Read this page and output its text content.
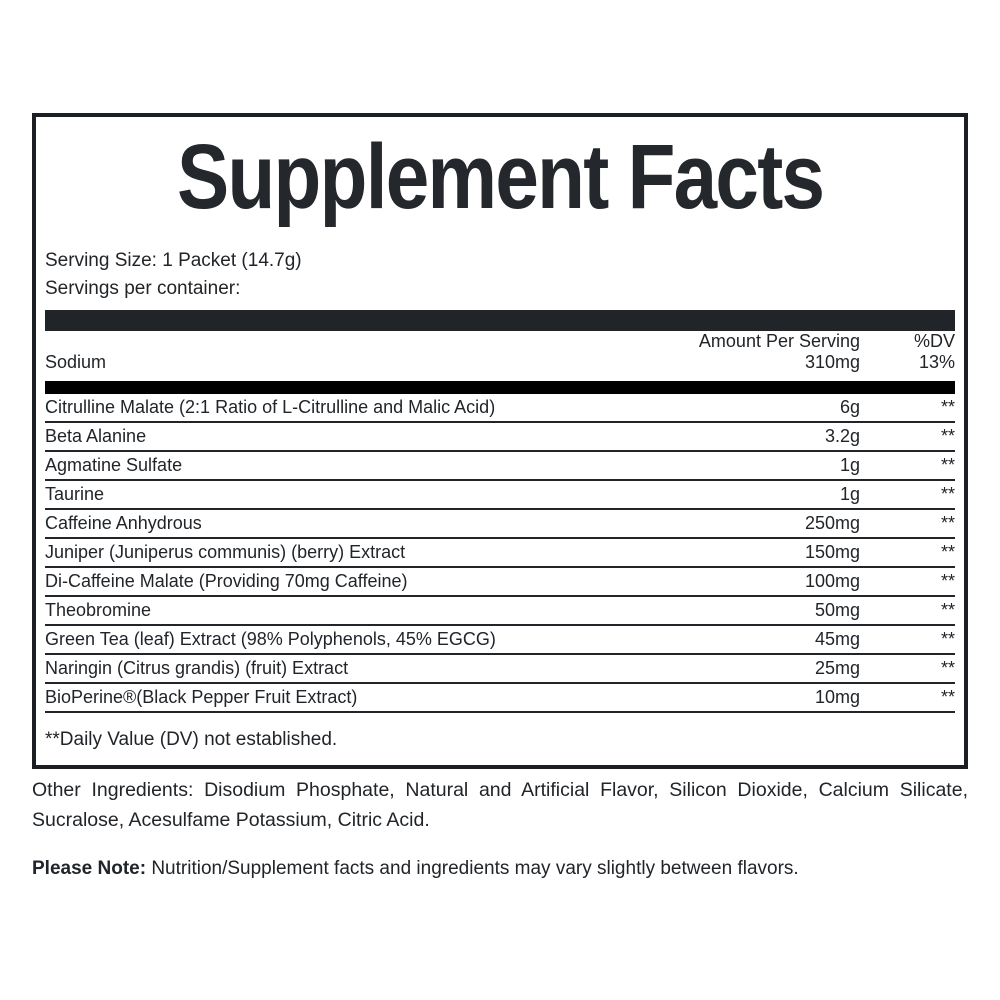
Supplement Facts
Serving Size: 1 Packet (14.7g)
Servings per container:
	Amount Per Serving	%DV
Sodium	310mg	13%

Citrulline Malate (2:1 Ratio of L-Citrulline and Malic Acid)	6g	**
Beta Alanine	3.2g	**
Agmatine Sulfate	1g	**
Taurine	1g	**
Caffeine Anhydrous	250mg	**
Juniper (Juniperus communis) (berry) Extract	150mg	**
Di-Caffeine Malate (Providing 70mg Caffeine)	100mg	**
Theobromine	50mg	**
Green Tea (leaf) Extract (98% Polyphenols, 45% EGCG)	45mg	**
Naringin (Citrus grandis) (fruit) Extract	25mg	**
BioPerine®(Black Pepper Fruit Extract)	10mg	**
**Daily Value (DV) not established.

Other Ingredients: Disodium Phosphate, Natural and Artificial Flavor, Silicon Dioxide, Calcium Silicate, Sucralose, Acesulfame Potassium, Citric Acid.

Please Note: Nutrition/Supplement facts and ingredients may vary slightly between flavors.
